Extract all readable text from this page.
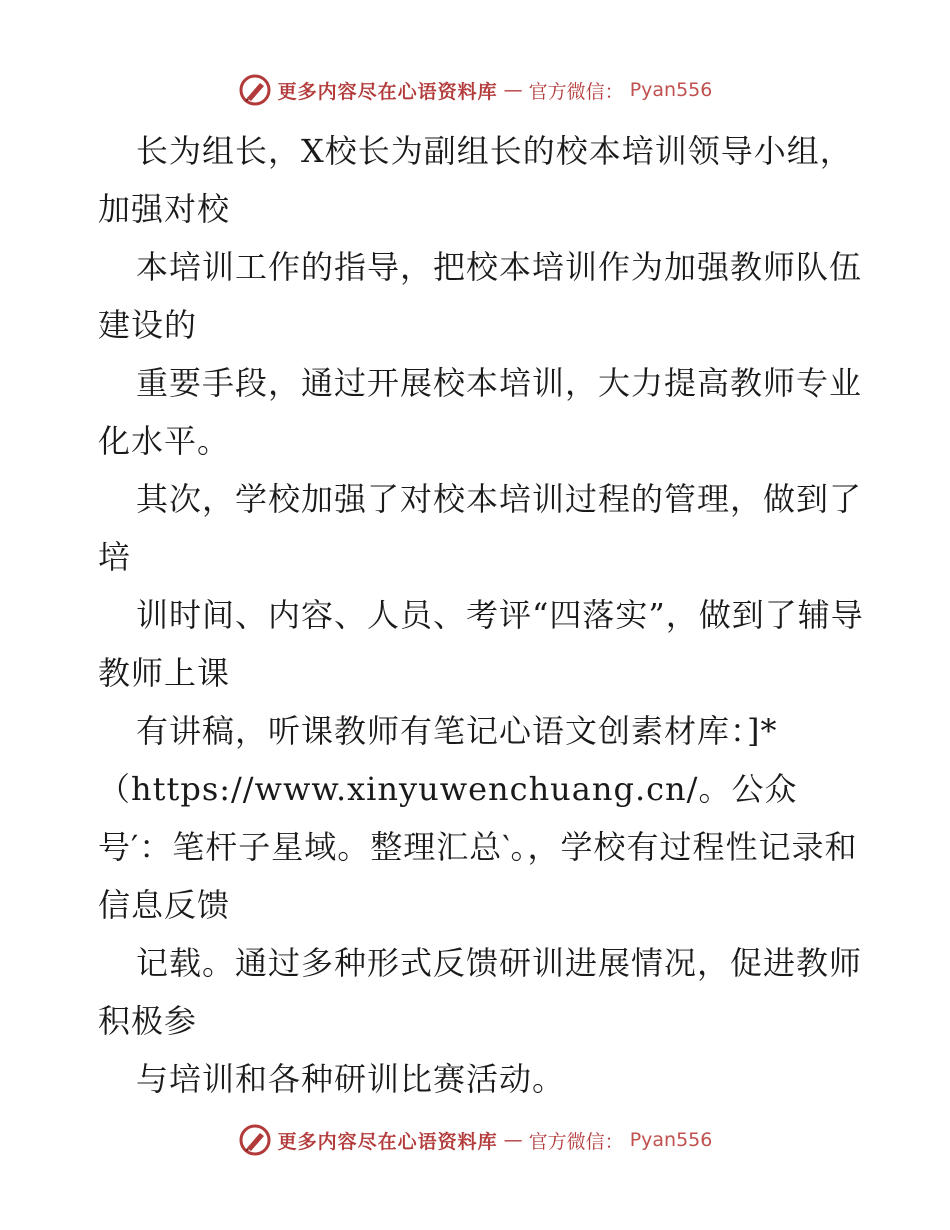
更多内容尽在心语资料库 — 官方微信： Pyan556

长为组长，X校长为副组长的校本培训领导小组，加强对校

本培训工作的指导，把校本培训作为加强教师队伍建设的

重要手段，通过开展校本培训，大力提高教师专业化水平。

其次，学校加强了对校本培训过程的管理，做到了培

训时间、内容、人员、考评“四落实”，做到了辅导教师上课

有讲稿，听课教师有笔记心语文创素材库：]*（https://www.xinyuwenchuang.cn/。公众号′：笔杆子星域。整理汇总‵。，学校有过程性记录和信息反馈

记载。通过多种形式反馈研训进展情况，促进教师积极参

与培训和各种研训比赛活动。

更多内容尽在心语资料库 — 官方微信： Pyan556
